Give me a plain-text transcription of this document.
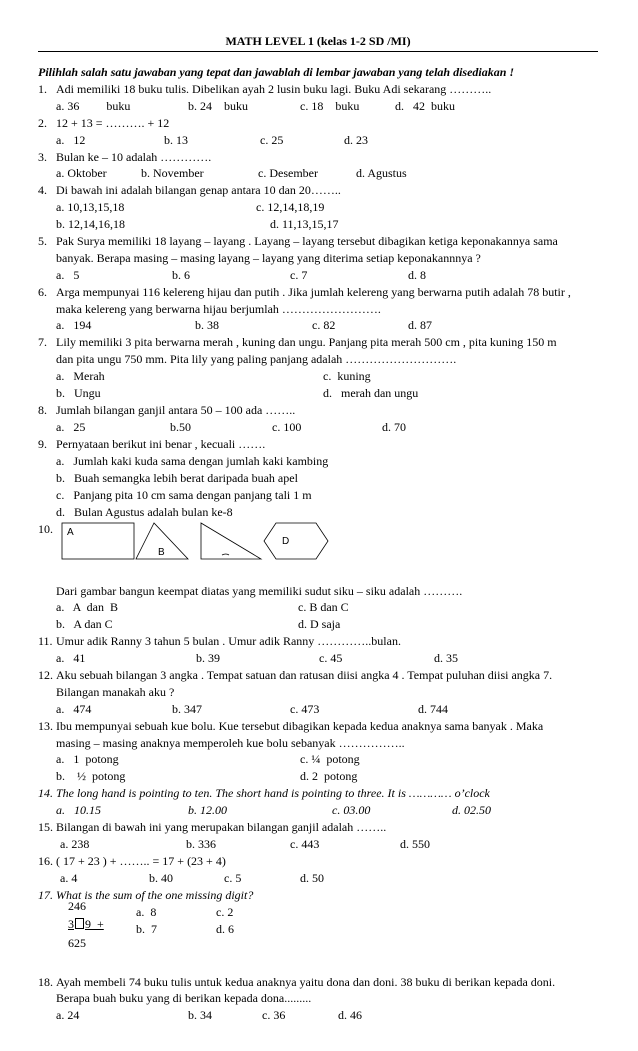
MATH LEVEL 1 (kelas 1-2 SD /MI)
Pilihlah salah satu jawaban yang tepat dan jawablah di lembar jawaban yang telah disediakan !
1. Adi memiliki 18 buku tulis. Dibelikan ayah 2 lusin buku lagi. Buku Adi sekarang ………..
a. 36         buku	b. 24    buku	c. 18    buku	d.   42  buku
2. 12 + 13 = ………. + 12
a.   12	b. 13	c. 25	d. 23
3. Bulan ke – 10 adalah ………….
a. Oktober	b. November	c. Desember	d. Agustus
4. Di bawah ini adalah bilangan genap antara 10 dan 20……..
a. 10,13,15,18	c. 12,14,18,19
b. 12,14,16,18	d. 11,13,15,17
5. Pak Surya memiliki 18 layang – layang . Layang – layang tersebut dibagikan ketiga keponakannya sama
banyak. Berapa masing – masing layang – layang yang diterima setiap keponakannnya ?
a.   5	b. 6	c. 7	d. 8
6. Arga mempunyai 116 kelereng hijau dan putih . Jika jumlah kelereng yang berwarna putih adalah 78 butir ,
maka kelereng yang berwarna hijau berjumlah …………………….
a.   194	b. 38	c. 82	d. 87
7. Lily memiliki 3 pita berwarna merah , kuning dan ungu. Panjang pita merah 500 cm , pita kuning 150 m
dan pita ungu 750 mm. Pita lily yang paling panjang adalah ……………………….
a.   Merah	c.  kuning
b.   Ungu	d.   merah dan ungu
8. Jumlah bilangan ganjil antara 50 – 100 ada ……..
a.   25	b.50	c. 100	d. 70
9. Pernyataan berikut ini benar , kecuali …….
a.   Jumlah kaki kuda sama dengan jumlah kaki kambing
b.   Buah semangka lebih berat daripada buah apel
c.   Panjang pita 10 cm sama dengan panjang tali 1 m
d.   Bulan Agustus adalah bulan ke-8
10. A
B
D
Dari gambar bangun keempat diatas yang memiliki sudut siku – siku adalah ……….
a.   A  dan  B	c. B dan C
b.   A dan C	d. D saja
11. Umur adik Ranny 3 tahun 5 bulan . Umur adik Ranny …………..bulan.
a.   41	b. 39	c. 45	d. 35
12. Aku sebuah bilangan 3 angka . Tempat satuan dan ratusan diisi angka 4 . Tempat puluhan diisi angka 7.
Bilangan manakah aku ?
a.   474	b. 347	c. 473	d. 744
13. Ibu mempunyai sebuah kue bolu. Kue tersebut dibagikan kepada kedua anaknya sama banyak . Maka
masing – masing anaknya memperoleh kue bolu sebanyak ……………..
a.   1  potong	c. ¼  potong
b.    ½  potong	d. 2  potong
14. The long hand is pointing to ten. The short hand is pointing to three. It is ………… o’clock
a.   10.15	b. 12.00	c. 03.00	d. 02.50
15. Bilangan di bawah ini yang merupakan bilangan ganjil adalah ……..
a. 238	b. 336	c. 443	d. 550
16. ( 17 + 23 ) + …….. = 17 + (23 + 4)
a. 4	b. 40	c. 5	d. 50
17. What is the sum of the one missing digit?
246
3 9  +
625
a.  8	c. 2
b.  7	d. 6
18. Ayah membeli 74 buku tulis untuk kedua anaknya yaitu dona dan doni. 38 buku di berikan kepada doni.
Berapa buah buku yang di berikan kepada dona.........
a. 24	b. 34	c. 36	d. 46
